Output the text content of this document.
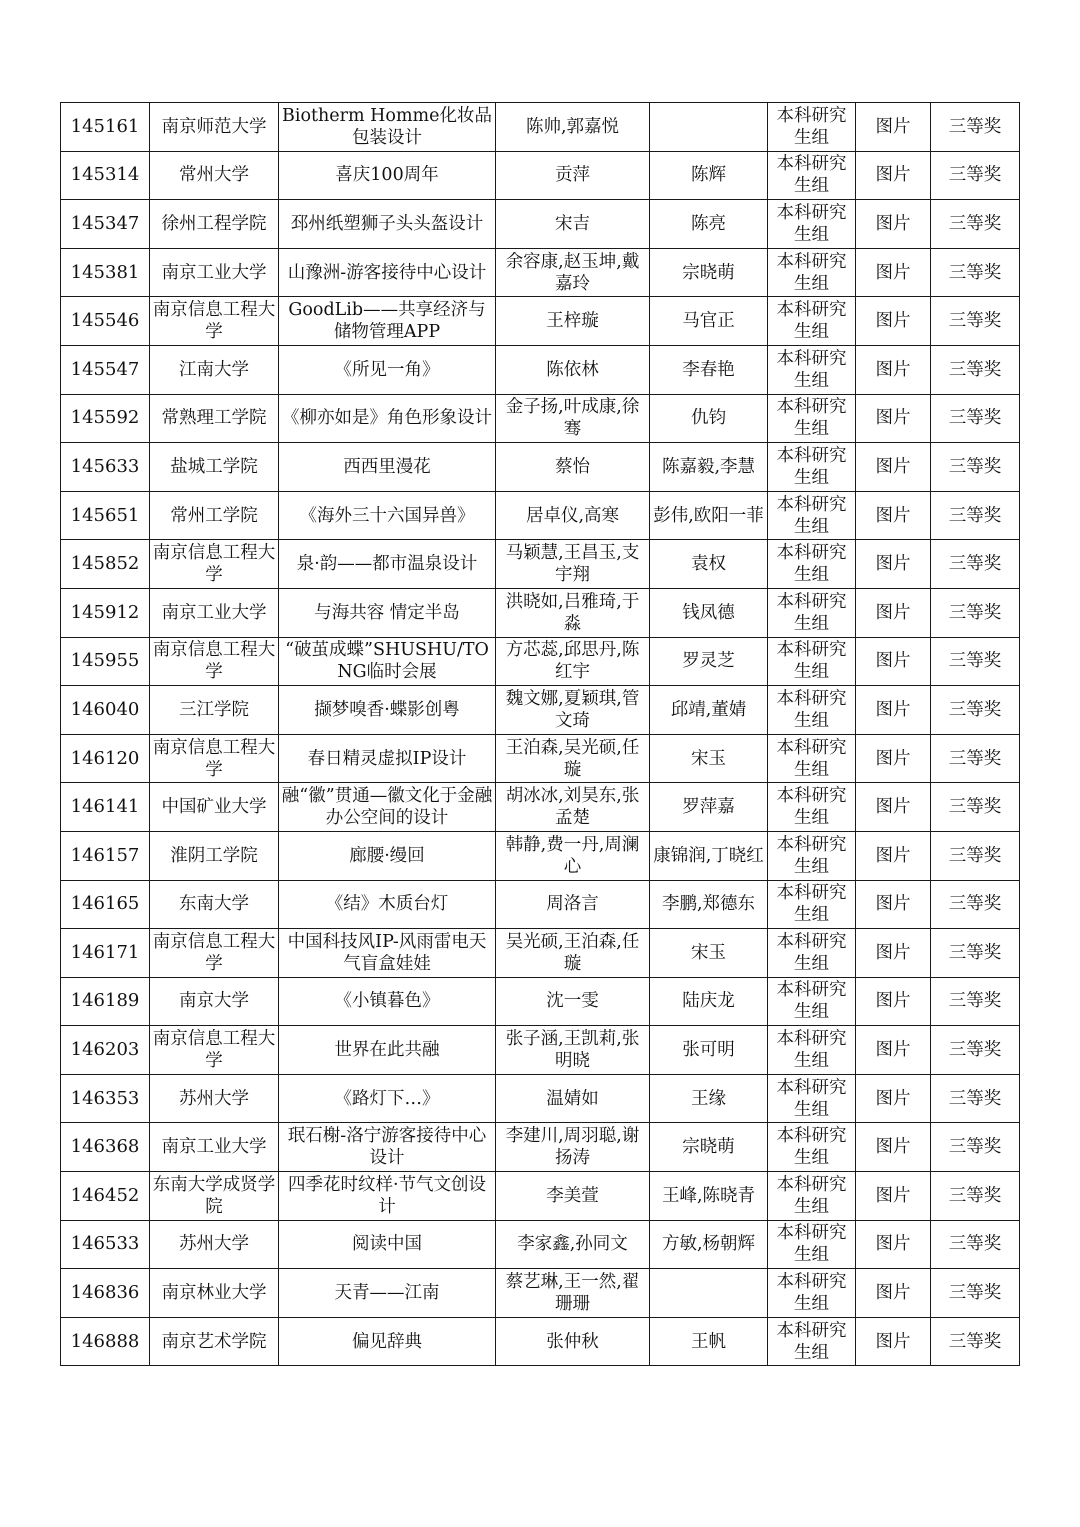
145161	南京师范大学	Biotherm Homme化妆品包装设计	陈帅,郭嘉悦		本科研究生组	图片	三等奖
145314	常州大学	喜庆100周年	贡萍	陈辉	本科研究生组	图片	三等奖
145347	徐州工程学院	邳州纸塑狮子头头盔设计	宋吉	陈亮	本科研究生组	图片	三等奖
145381	南京工业大学	山豫洲-游客接待中心设计	余容康,赵玉坤,戴嘉玲	宗晓萌	本科研究生组	图片	三等奖
145546	南京信息工程大学	GoodLib——共享经济与储物管理APP	王梓璇	马官正	本科研究生组	图片	三等奖
145547	江南大学	《所见一角》	陈依林	李春艳	本科研究生组	图片	三等奖
145592	常熟理工学院	《柳亦如是》角色形象设计	金子扬,叶成康,徐骞	仇钧	本科研究生组	图片	三等奖
145633	盐城工学院	西西里漫花	蔡怡	陈嘉毅,李慧	本科研究生组	图片	三等奖
145651	常州工学院	《海外三十六国异兽》	居卓仪,高寒	彭伟,欧阳一菲	本科研究生组	图片	三等奖
145852	南京信息工程大学	泉·韵——都市温泉设计	马颖慧,王昌玉,支宇翔	袁权	本科研究生组	图片	三等奖
145912	南京工业大学	与海共容 情定半岛	洪晓如,吕雅琦,于淼	钱凤德	本科研究生组	图片	三等奖
145955	南京信息工程大学	“破茧成蝶”SHUSHU/TONG临时会展	方芯蕊,邱思丹,陈红宇	罗灵芝	本科研究生组	图片	三等奖
146040	三江学院	撷梦嗅香·蝶影创粤	魏文娜,夏颖琪,管文琦	邱靖,董婧	本科研究生组	图片	三等奖
146120	南京信息工程大学	春日精灵虚拟IP设计	王泊森,吴光硕,任璇	宋玉	本科研究生组	图片	三等奖
146141	中国矿业大学	融“徽”贯通—徽文化于金融办公空间的设计	胡冰冰,刘昊东,张孟楚	罗萍嘉	本科研究生组	图片	三等奖
146157	淮阴工学院	廊腰·缦回	韩静,费一丹,周澜心	康锦润,丁晓红	本科研究生组	图片	三等奖
146165	东南大学	《结》木质台灯	周洛言	李鹏,郑德东	本科研究生组	图片	三等奖
146171	南京信息工程大学	中国科技风IP-风雨雷电天气盲盒娃娃	吴光硕,王泊森,任璇	宋玉	本科研究生组	图片	三等奖
146189	南京大学	《小镇暮色》	沈一雯	陆庆龙	本科研究生组	图片	三等奖
146203	南京信息工程大学	世界在此共融	张子涵,王凯莉,张明晓	张可明	本科研究生组	图片	三等奖
146353	苏州大学	《路灯下…》	温婧如	王缘	本科研究生组	图片	三等奖
146368	南京工业大学	珉石榭-洛宁游客接待中心设计	李建川,周羽聪,谢扬涛	宗晓萌	本科研究生组	图片	三等奖
146452	东南大学成贤学院	四季花时纹样·节气文创设计	李美萱	王峰,陈晓青	本科研究生组	图片	三等奖
146533	苏州大学	阅读中国	李家鑫,孙同文	方敏,杨朝辉	本科研究生组	图片	三等奖
146836	南京林业大学	天青——江南	蔡艺琳,王一然,翟珊珊		本科研究生组	图片	三等奖
146888	南京艺术学院	偏见辞典	张仲秋	王帆	本科研究生组	图片	三等奖
